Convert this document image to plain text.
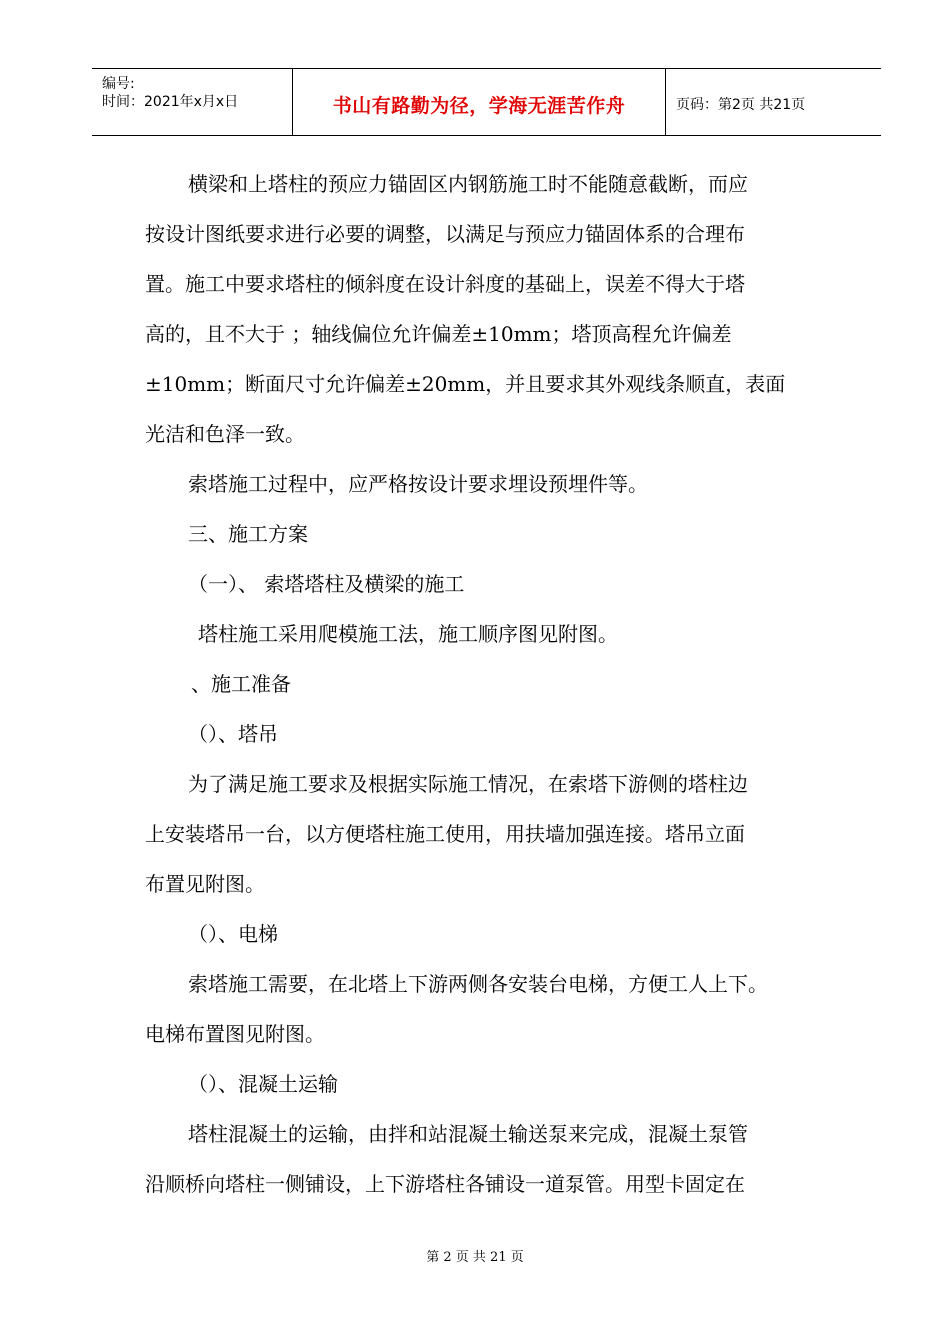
编号:
时间：2021年x月x日	书山有路勤为径，学海无涯苦作舟	页码：第2页 共21页
横梁和上塔柱的预应力锚固区内钢筋施工时不能随意截断，而应
按设计图纸要求进行必要的调整，以满足与预应力锚固体系的合理布
置。施工中要求塔柱的倾斜度在设计斜度的基础上，误差不得大于塔
高的，且不大于 ；轴线偏位允许偏差±10mm；塔顶高程允许偏差
±10mm；断面尺寸允许偏差±20mm，并且要求其外观线条顺直，表面
光洁和色泽一致。
索塔施工过程中，应严格按设计要求埋设预埋件等。
三、施工方案
（一）、 索塔塔柱及横梁的施工
塔柱施工采用爬模施工法，施工顺序图见附图。
、施工准备
（）、塔吊
为了满足施工要求及根据实际施工情况，在索塔下游侧的塔柱边
上安装塔吊一台，以方便塔柱施工使用，用扶墙加强连接。塔吊立面
布置见附图。
（）、电梯
索塔施工需要，在北塔上下游两侧各安装台电梯，方便工人上下。
电梯布置图见附图。
（）、混凝土运输
塔柱混凝土的运输，由拌和站混凝土输送泵来完成，混凝土泵管
沿顺桥向塔柱一侧铺设，上下游塔柱各铺设一道泵管。用型卡固定在
第 2 页 共 21 页
